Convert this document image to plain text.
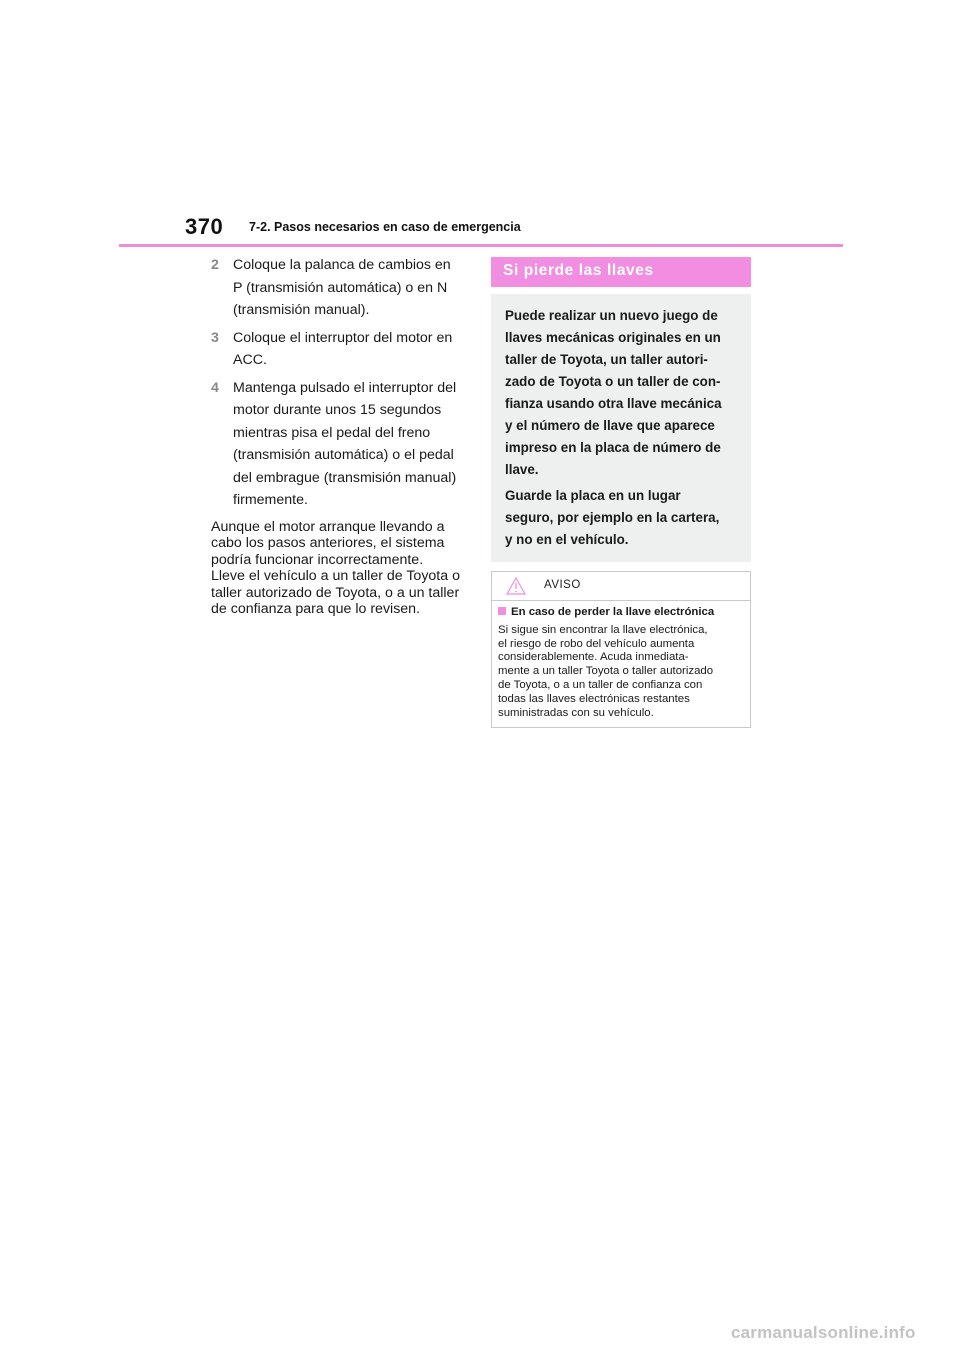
370 7-2. Pasos necesarios en caso de emergencia
2 Coloque la palanca de cambios en
P (transmisión automática) o en N
(transmisión manual).
3 Coloque el interruptor del motor en
ACC.
4 Mantenga pulsado el interruptor del
motor durante unos 15 segundos
mientras pisa el pedal del freno
(transmisión automática) o el pedal
del embrague (transmisión manual)
firmemente.
Aunque el motor arranque llevando a
cabo los pasos anteriores, el sistema
podría funcionar incorrectamente.
Lleve el vehículo a un taller de Toyota o
taller autorizado de Toyota, o a un taller
de confianza para que lo revisen.
Si pierde las llaves

Puede realizar un nuevo juego de
llaves mecánicas originales en un
taller de Toyota, un taller autori-
zado de Toyota o un taller de con-
fianza usando otra llave mecánica
y el número de llave que aparece
impreso en la placa de número de
llave.

Guarde la placa en un lugar
seguro, por ejemplo en la cartera,
y no en el vehículo.

AVISO
En caso de perder la llave electrónica
Si sigue sin encontrar la llave electrónica,
el riesgo de robo del vehículo aumenta
considerablemente. Acuda inmediata-
mente a un taller Toyota o taller autorizado
de Toyota, o a un taller de confianza con
todas las llaves electrónicas restantes
suministradas con su vehículo.
carmanualsonline.info
